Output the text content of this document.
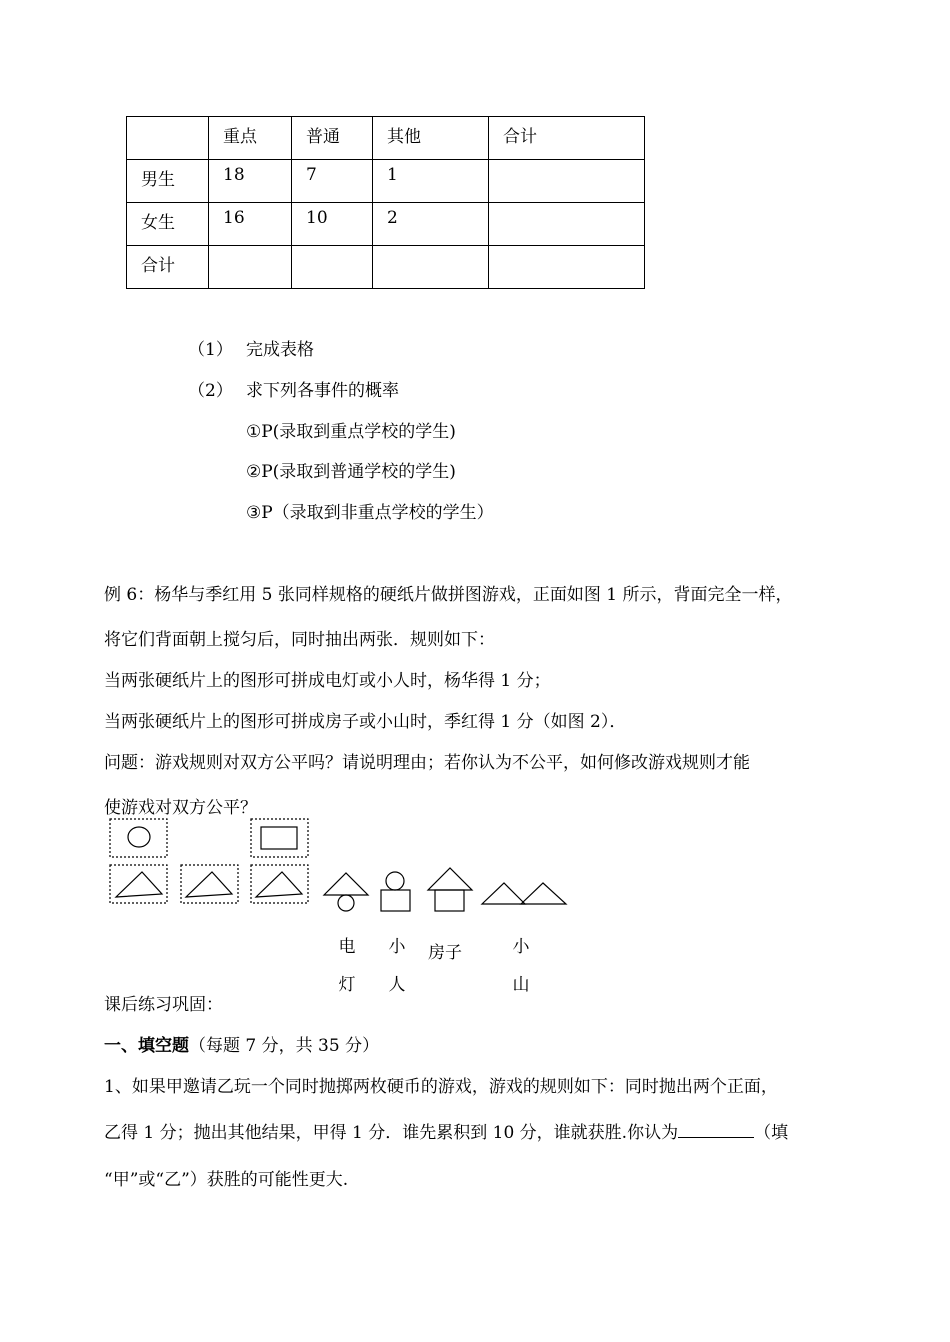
	重点	普通	其他	合计
男生	18	7	1	
女生	16	10	2	
合计				
（1） 完成表格
（2） 求下列各事件的概率
①P(录取到重点学校的学生)
②P(录取到普通学校的学生)
③P（录取到非重点学校的学生）
例 6：杨华与季红用 5 张同样规格的硬纸片做拼图游戏，正面如图 1 所示，背面完全一样，
将它们背面朝上搅匀后，同时抽出两张．规则如下：
当两张硬纸片上的图形可拼成电灯或小人时，杨华得 1 分；
当两张硬纸片上的图形可拼成房子或小山时，季红得 1 分（如图 2）．
问题：游戏规则对双方公平吗？请说明理由；若你认为不公平，如何修改游戏规则才能
使游戏对双方公平？
电灯
小人
房子	小山
课后练习巩固：
一、填空题（每题 7 分，共 35 分）
1、如果甲邀请乙玩一个同时抛掷两枚硬币的游戏，游戏的规则如下：同时抛出两个正面，
乙得 1 分；抛出其他结果，甲得 1 分．谁先累积到 10 分，谁就获胜.你认为	（填
“甲”或“乙”）获胜的可能性更大.
